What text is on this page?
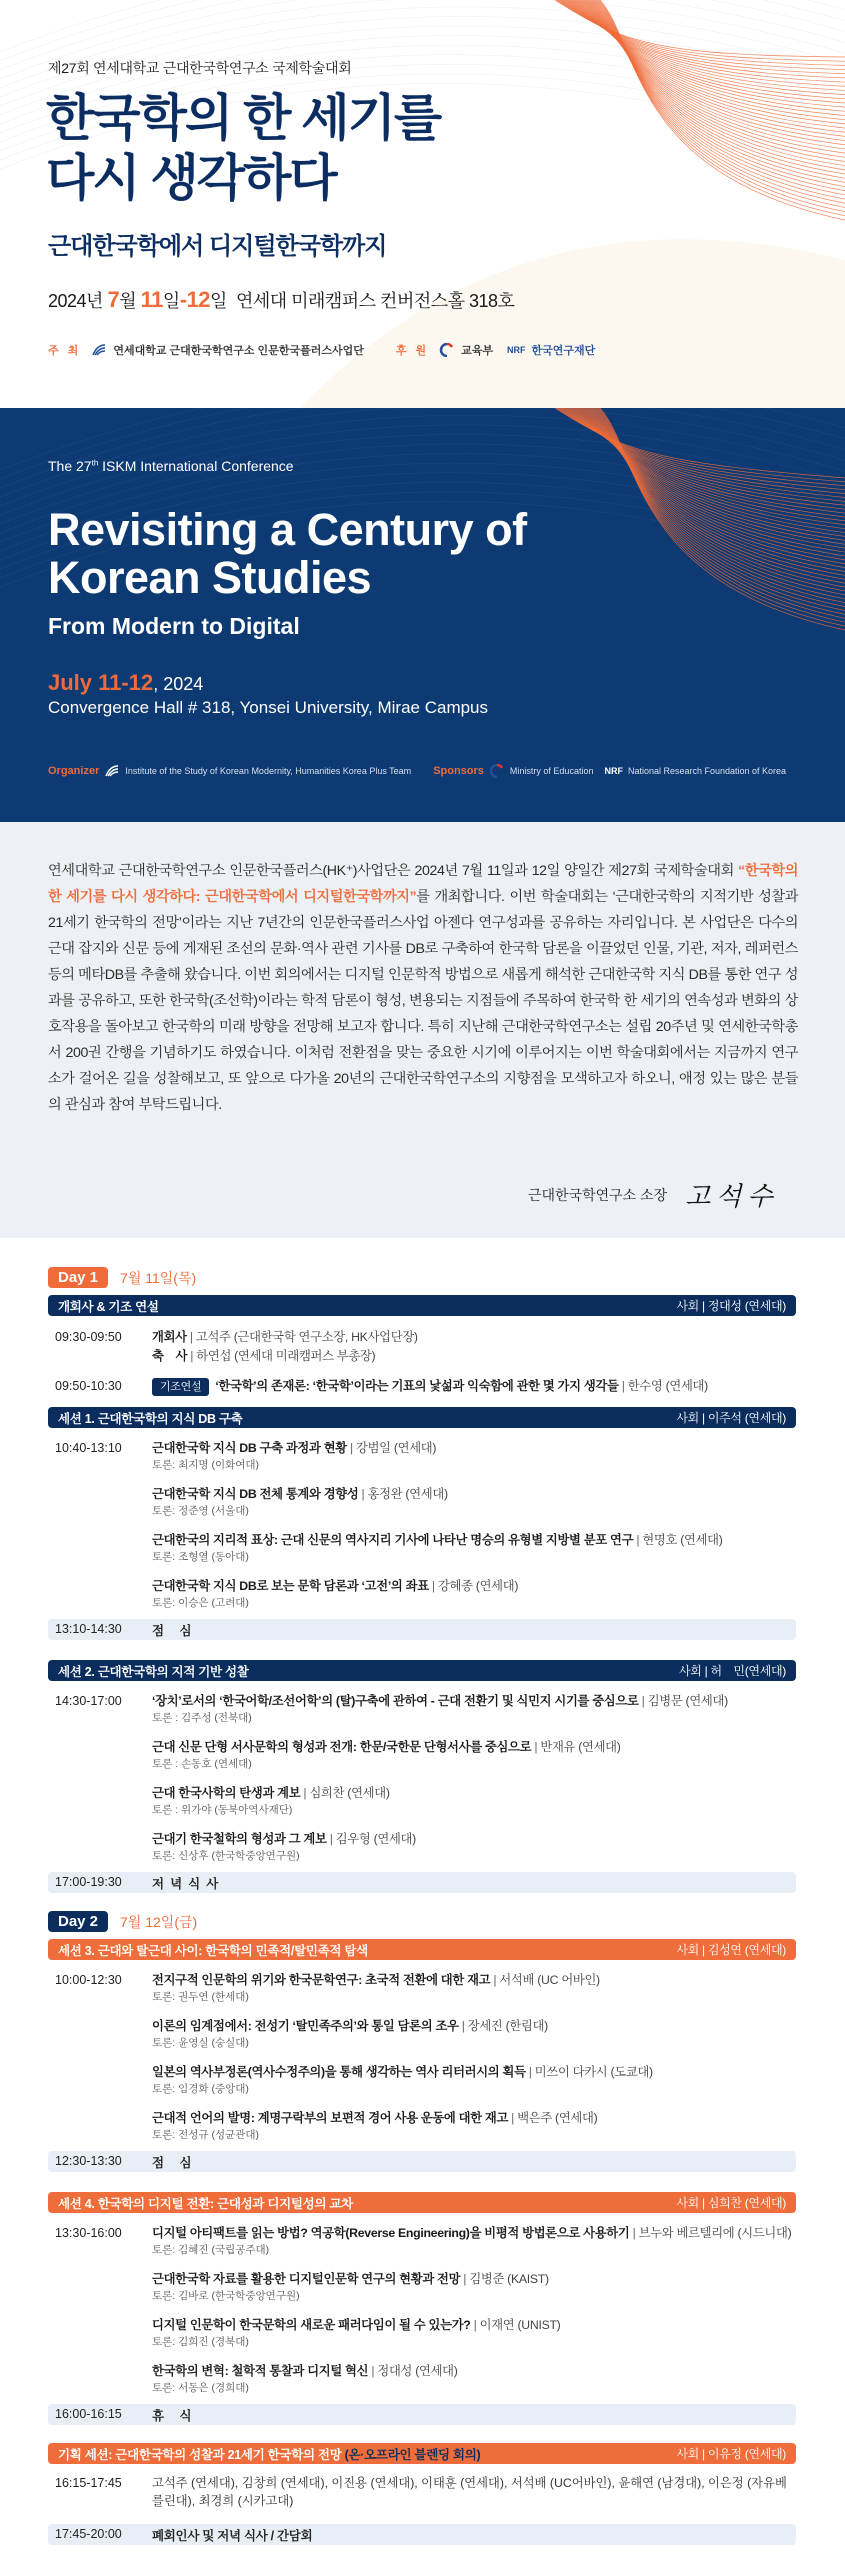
제27회 연세대학교 근대한국학연구소 국제학술대회
한국학의 한 세기를
다시 생각하다
근대한국학에서 디지털한국학까지
2024년 7월 11일-12일 연세대 미래캠퍼스 컨버전스홀 318호
주 최	연세대학교 근대한국학연구소 인문한국플러스사업단	후 원	교육부 NRF 한국연구재단
The 27th ISKM International Conference
Revisiting a Century of
Korean Studies
From Modern to Digital
July 11-12, 2024
Convergence Hall # 318, Yonsei University, Mirae Campus
Organizer	Institute of the Study of Korean Modernity, Humanities Korea Plus Team Sponsors	Ministry of Education NRF National Research Foundation of Korea

연세대학교 근대한국학연구소 인문한국플러스(HK⁺)사업단은 2024년 7월 11일과 12일 양일간 제27회 국제학술대회 “한국학의 한 세기를 다시 생각하다: 근대한국학에서 디지털한국학까지”를 개최합니다. 이번 학술대회는 ‘근대한국학의 지적기반 성찰과 21세기 한국학의 전망’이라는 지난 7년간의 인문한국플러스사업 아젠다 연구성과를 공유하는 자리입니다. 본 사업단은 다수의 근대 잡지와 신문 등에 게재된 조선의 문화·역사 관련 기사를 DB로 구축하여 한국학 담론을 이끌었던 인물, 기관, 저자, 레퍼런스 등의 메타DB를 추출해 왔습니다. 이번 회의에서는 디지털 인문학적 방법으로 새롭게 해석한 근대한국학 지식 DB를 통한 연구 성과를 공유하고, 또한 한국학(조선학)이라는 학적 담론이 형성, 변용되는 지점들에 주목하여 한국학 한 세기의 연속성과 변화의 상호작용을 돌아보고 한국학의 미래 방향을 전망해 보고자 합니다. 특히 지난해 근대한국학연구소는 설립 20주년 및 연세한국학총서 200권 간행을 기념하기도 하였습니다. 이처럼 전환점을 맞는 중요한 시기에 이루어지는 이번 학술대회에서는 지금까지 연구소가 걸어온 길을 성찰해보고, 또 앞으로 다가올 20년의 근대한국학연구소의 지향점을 모색하고자 하오니, 애정 있는 많은 분들의 관심과 참여 부탁드립니다.

근대한국학연구소 소장 고석수
Day 1	7월 11일(목)
개회사 & 기조 연설	사회 | 정대성 (연세대)
09:30-09:50	개회사 | 고석주 (근대한국학 연구소장, HK사업단장)
축　사 | 하연섭 (연세대 미래캠퍼스 부총장)
09:50-10:30	기조연설 ‘한국학’의 존재론: ‘한국학’이라는 기표의 낯섦과 익숙함에 관한 몇 가지 생각들 | 한수영 (연세대)
세션 1. 근대한국학의 지식 DB 구축	사회 | 이주석 (연세대)
10:40-13:10	근대한국학 지식 DB 구축 과정과 현황 | 강범일 (연세대)
토론: 최지명 (이화여대)
근대한국학 지식 DB 전체 통계와 경향성 | 홍정완 (연세대)
토론: 정준영 (서울대)
근대한국의 지리적 표상: 근대 신문의 역사지리 기사에 나타난 명승의 유형별 지방별 분포 연구 | 현명호 (연세대)
토론: 조형열 (동아대)
근대한국학 지식 DB로 보는 문학 담론과 ‘고전’의 좌표 | 강혜종 (연세대)
토론: 이승은 (고려대)
13:10-14:30	점 심
세션 2. 근대한국학의 지적 기반 성찰	사회 | 허　민(연세대)
14:30-17:00	‘장치’로서의 ‘한국어학/조선어학’의 (탈)구축에 관하여 - 근대 전환기 및 식민지 시기를 중심으로 | 김병문 (연세대)
토론 : 김주성 (전북대)
근대 신문 단형 서사문학의 형성과 전개: 한문/국한문 단형서사를 중심으로 | 반재유 (연세대)
토론 : 손동호 (연세대)
근대 한국사학의 탄생과 계보 | 심희찬 (연세대)
토론 : 위가야 (동북아역사재단)
근대기 한국철학의 형성과 그 계보 | 김우형 (연세대)
토론: 신상후 (한국학중앙연구원)
17:00-19:30	저녁식사
Day 2	7월 12일(금)
세션 3. 근대와 탈근대 사이: 한국학의 민족적/탈민족적 탐색	사회 | 김성연 (연세대)
10:00-12:30	전지구적 인문학의 위기와 한국문학연구: 초국적 전환에 대한 재고 | 서석배 (UC 어바인)
토론: 권두연 (한세대)
이론의 임계점에서: 전성기 ‘탈민족주의’와 통일 담론의 조우 | 장세진 (한림대)
토론: 윤영실 (숭실대)
일본의 역사부정론(역사수정주의)을 통해 생각하는 역사 리터러시의 획득 | 미쓰이 다카시 (도쿄대)
토론: 임경화 (중앙대)
근대적 언어의 발명: 계명구락부의 보편적 경어 사용 운동에 대한 재고 | 백은주 (연세대)
토론: 전성규 (성균관대)
12:30-13:30	점 심
세션 4. 한국학의 디지털 전환: 근대성과 디지털성의 교차	사회 | 심희찬 (연세대)
13:30-16:00	디지털 아티팩트를 읽는 방법? 역공학(Reverse Engineering)을 비평적 방법론으로 사용하기 | 브누와 베르텔리에 (시드니대)
토론: 김혜진 (국립공주대)
근대한국학 자료를 활용한 디지털인문학 연구의 현황과 전망 | 김병준 (KAIST)
토론: 김바로 (한국학중앙연구원)
디지털 인문학이 한국문학의 새로운 패러다임이 될 수 있는가? | 이재연 (UNIST)
토론: 김희진 (경북대)
한국학의 변혁: 철학적 통찰과 디지털 혁신 | 정대성 (연세대)
토론: 서동은 (경희대)
16:00-16:15	휴 식
기획 세션: 근대한국학의 성찰과 21세기 한국학의 전망 (온·오프라인 블렌딩 회의)	사회 | 이유정 (연세대)
16:15-17:45	고석주 (연세대), 김창희 (연세대), 이진용 (연세대), 이태훈 (연세대), 서석배 (UC어바인), 윤해연 (남경대), 이은정 (자유베를린대), 최경희 (시카고대)
17:45-20:00	폐회인사 및 저녁 식사 / 간담회
